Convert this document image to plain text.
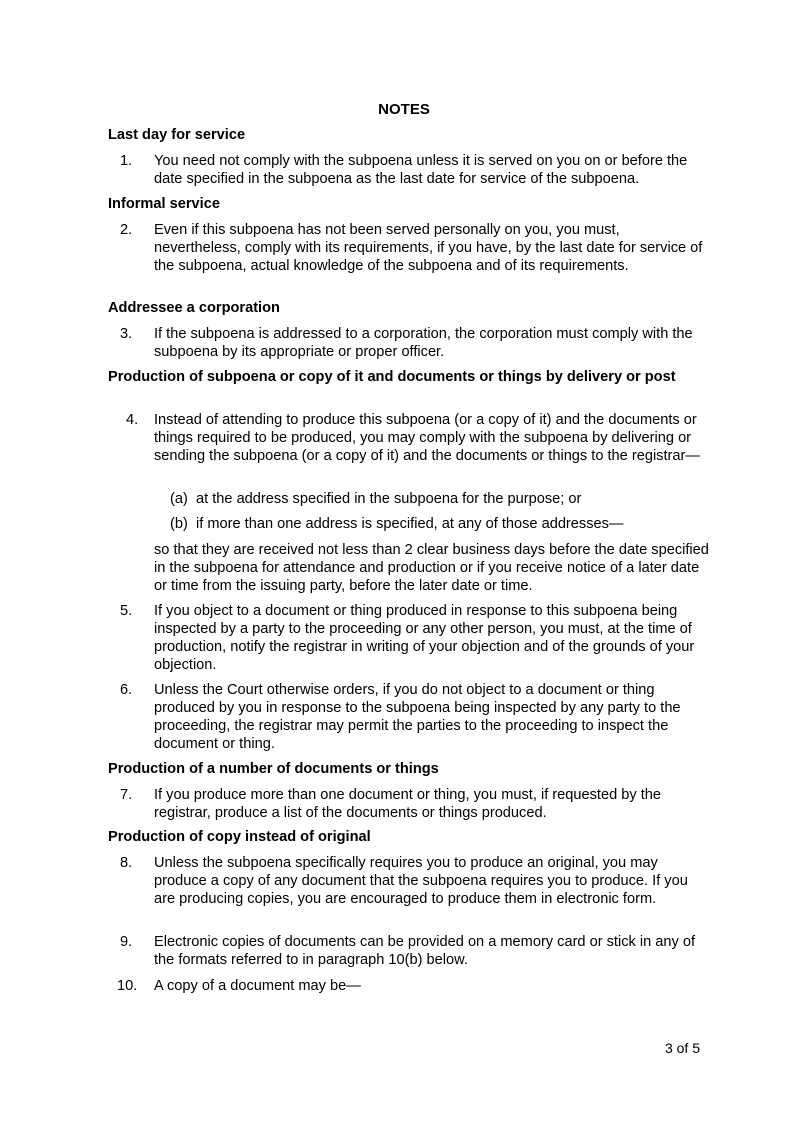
NOTES
Last day for service
1. You need not comply with the subpoena unless it is served on you on or before the date specified in the subpoena as the last date for service of the subpoena.
Informal service
2. Even if this subpoena has not been served personally on you, you must, nevertheless, comply with its requirements, if you have, by the last date for service of the subpoena, actual knowledge of the subpoena and of its requirements.
Addressee a corporation
3. If the subpoena is addressed to a corporation, the corporation must comply with the subpoena by its appropriate or proper officer.
Production of subpoena or copy of it and documents or things by delivery or post
4. Instead of attending to produce this subpoena (or a copy of it) and the documents or things required to be produced, you may comply with the subpoena by delivering or sending the subpoena (or a copy of it) and the documents or things to the registrar—
(a) at the address specified in the subpoena for the purpose; or
(b) if more than one address is specified, at any of those addresses—
so that they are received not less than 2 clear business days before the date specified in the subpoena for attendance and production or if you receive notice of a later date or time from the issuing party, before the later date or time.
5. If you object to a document or thing produced in response to this subpoena being inspected by a party to the proceeding or any other person, you must, at the time of production, notify the registrar in writing of your objection and of the grounds of your objection.
6. Unless the Court otherwise orders, if you do not object to a document or thing produced by you in response to the subpoena being inspected by any party to the proceeding, the registrar may permit the parties to the proceeding to inspect the document or thing.
Production of a number of documents or things
7. If you produce more than one document or thing, you must, if requested by the registrar, produce a list of the documents or things produced.
Production of copy instead of original
8. Unless the subpoena specifically requires you to produce an original, you may produce a copy of any document that the subpoena requires you to produce. If you are producing copies, you are encouraged to produce them in electronic form.
9. Electronic copies of documents can be provided on a memory card or stick in any of the formats referred to in paragraph 10(b) below.
10. A copy of a document may be—
3 of 5
